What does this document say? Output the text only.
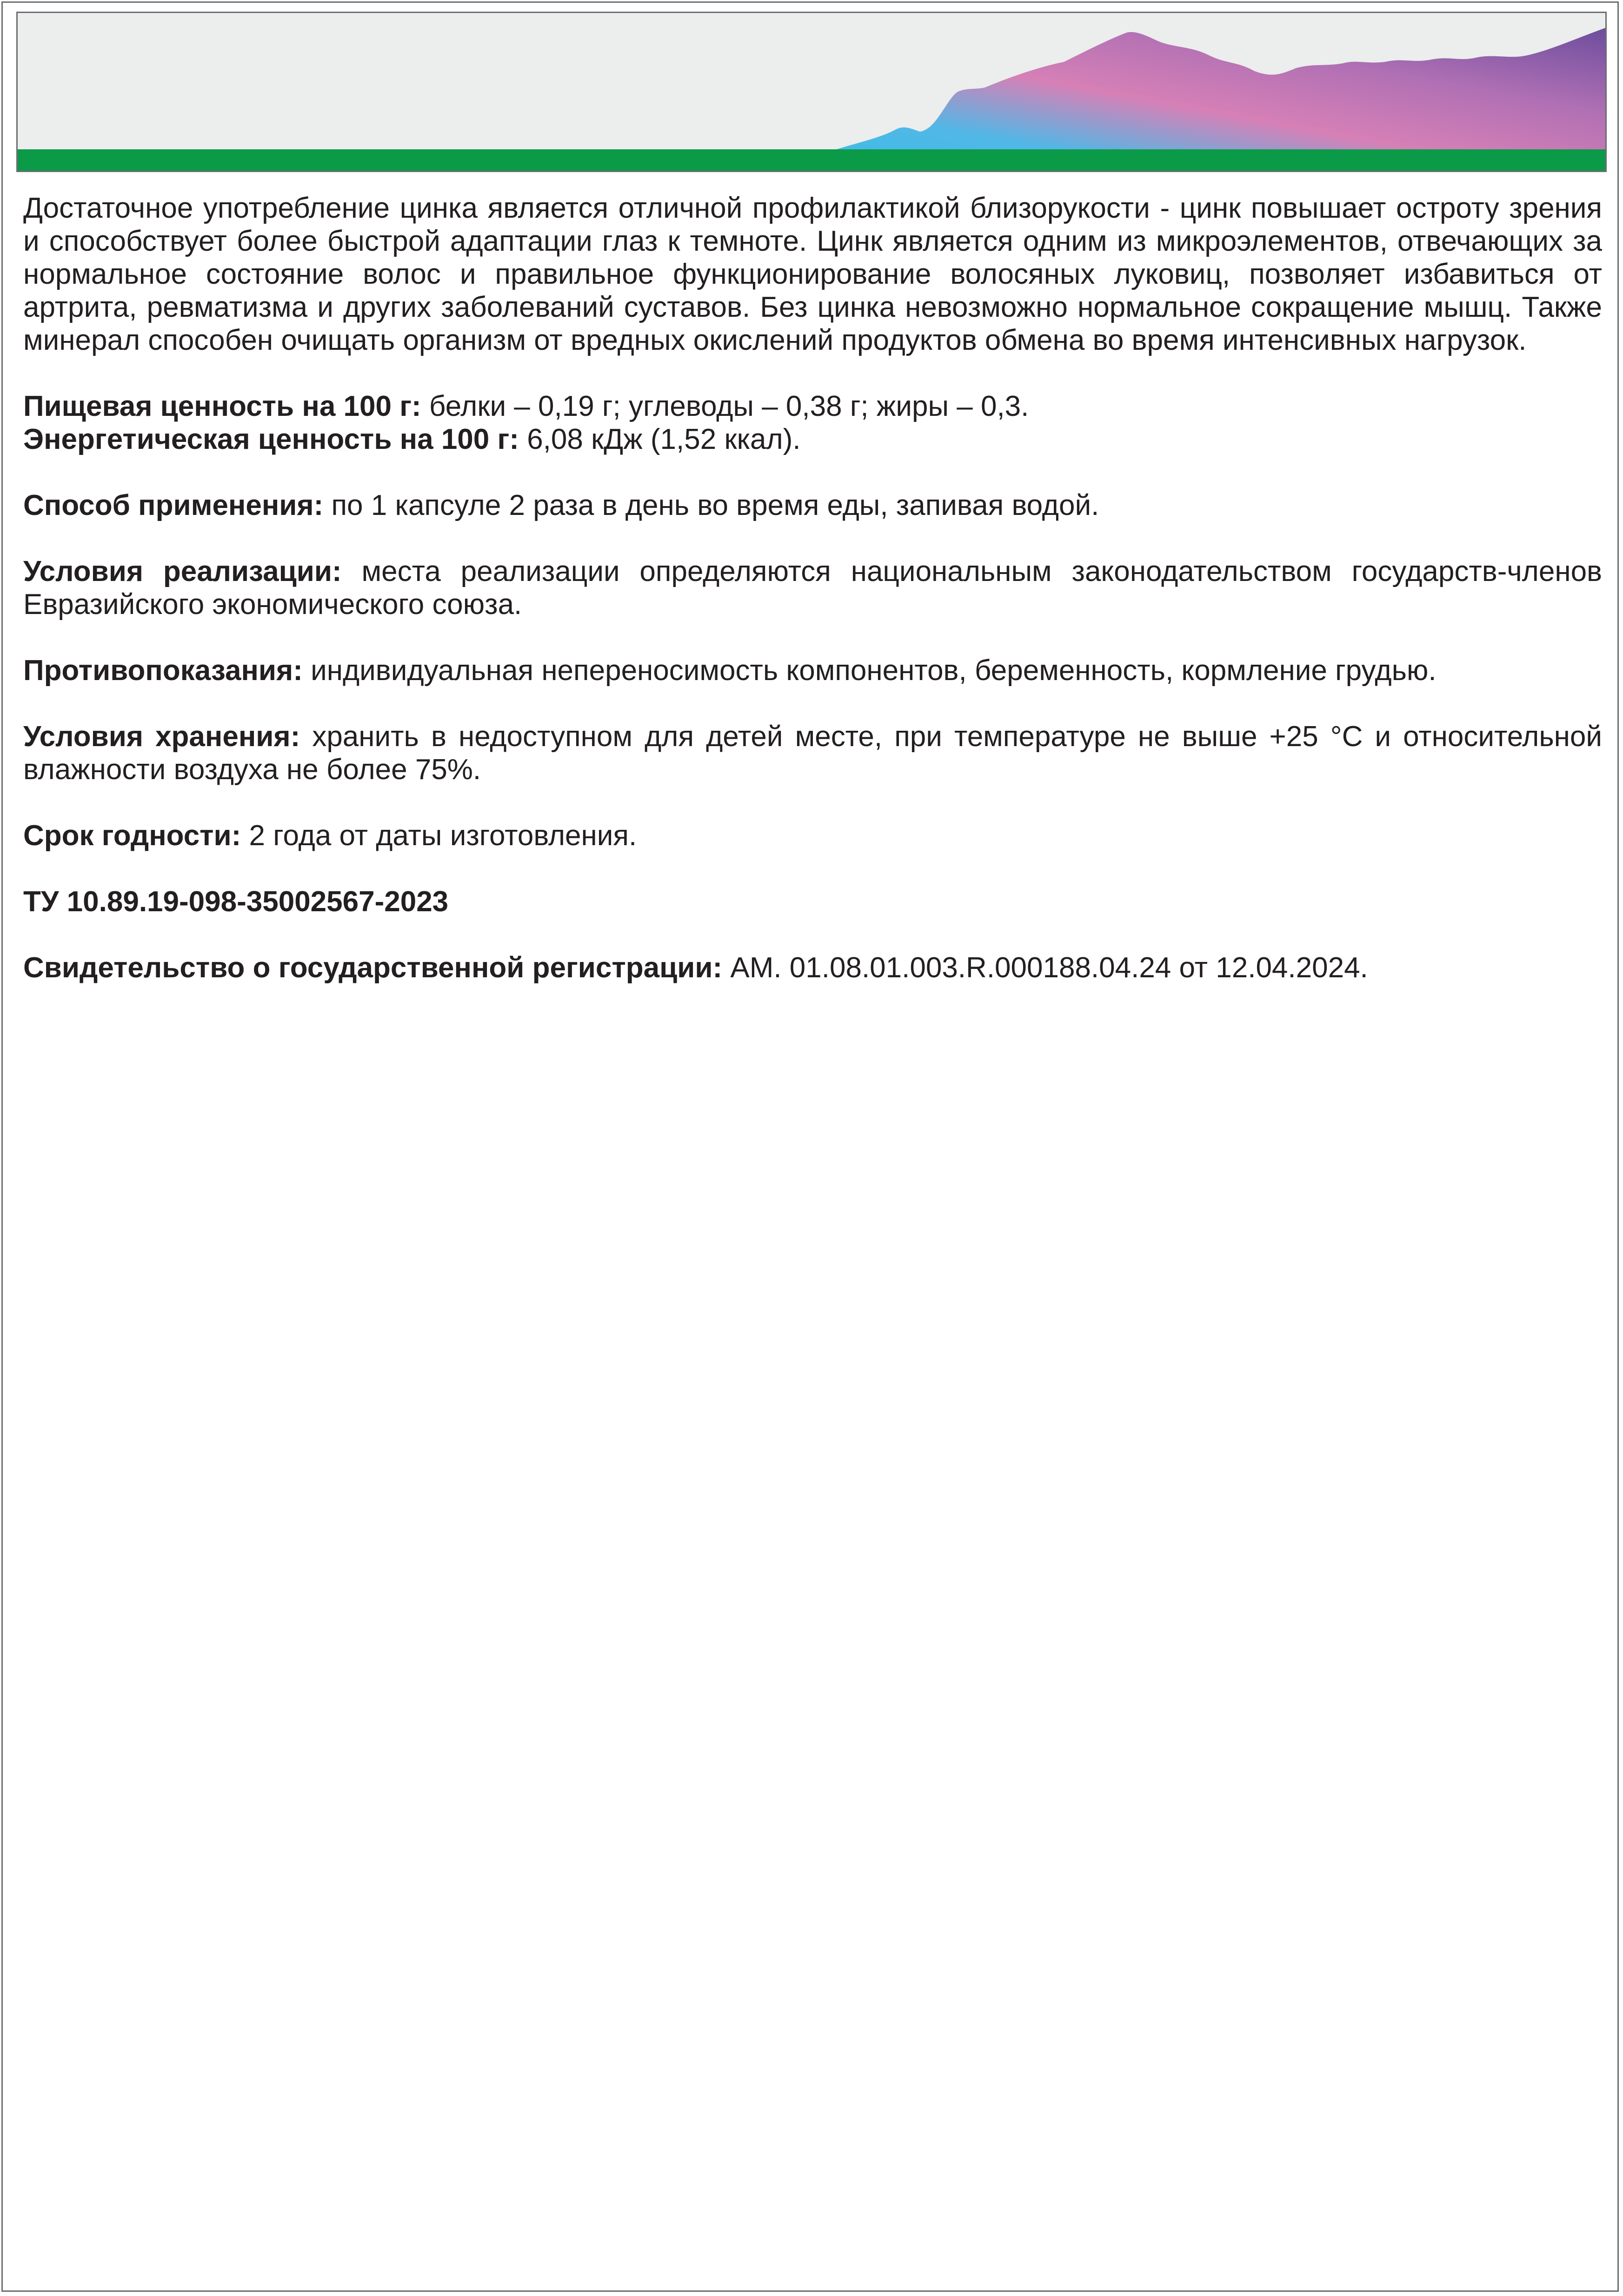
Достаточное употребление цинка является отличной профилактикой близорукости - цинк повышает остроту зрения и способствует более быстрой адаптации глаз к темноте. Цинк является одним из микроэлементов, отвечающих за нормальное состояние волос и правильное функционирование волосяных луковиц, позволяет избавиться от артрита, ревматизма и других заболеваний суставов. Без цинка невозможно нормальное сокращение мышц. Также минерал способен очищать организм от вредных окислений продуктов обмена во время интенсивных нагрузок.

Пищевая ценность на 100 г: белки – 0,19 г; углеводы – 0,38 г; жиры – 0,3.

Энергетическая ценность на 100 г: 6,08 кДж (1,52 ккал).

Способ применения: по 1 капсуле 2 раза в день во время еды, запивая водой.

Условия реализации: места реализации определяются национальным законодательством государств-членов Евразийского экономического союза.

Противопоказания: индивидуальная непереносимость компонентов, беременность, кормление грудью.

Условия хранения: хранить в недоступном для детей месте, при температуре не выше +25 °C и относительной влажности воздуха не более 75%.

Срок годности: 2 года от даты изготовления.

ТУ 10.89.19-098-35002567-2023

Свидетельство о государственной регистрации: АМ. 01.08.01.003.R.000188.04.24 от 12.04.2024.
